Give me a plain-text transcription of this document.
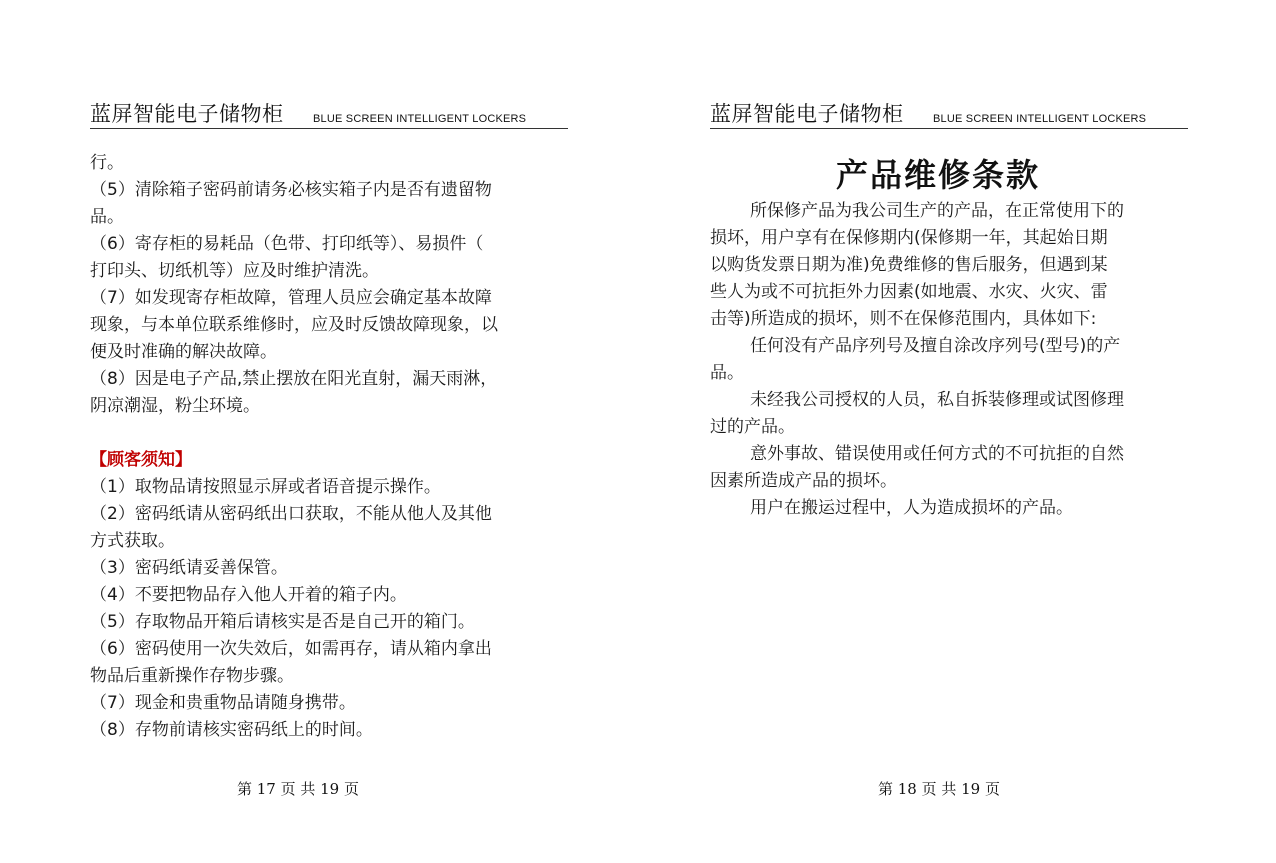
蓝屏智能电子储物柜	BLUE SCREEN INTELLIGENT LOCKERS
行。
（5）清除箱子密码前请务必核实箱子内是否有遗留物
品。
（6）寄存柜的易耗品（色带、打印纸等）、易损件（
打印头、切纸机等）应及时维护清洗。
（7）如发现寄存柜故障，管理人员应会确定基本故障
现象，与本单位联系维修时，应及时反馈故障现象，以
便及时准确的解决故障。
（8）因是电子产品,禁止摆放在阳光直射，漏天雨淋，
阴凉潮湿，粉尘环境。
【顾客须知】
（1）取物品请按照显示屏或者语音提示操作。
（2）密码纸请从密码纸出口获取，不能从他人及其他
方式获取。
（3）密码纸请妥善保管。
（4）不要把物品存入他人开着的箱子内。
（5）存取物品开箱后请核实是否是自己开的箱门。
（6）密码使用一次失效后，如需再存，请从箱内拿出
物品后重新操作存物步骤。
（7）现金和贵重物品请随身携带。
（8）存物前请核实密码纸上的时间。
第 17 页 共 19 页
蓝屏智能电子储物柜	BLUE SCREEN INTELLIGENT LOCKERS
产品维修条款
所保修产品为我公司生产的产品，在正常使用下的
损坏，用户享有在保修期内(保修期一年，其起始日期
以购货发票日期为准)免费维修的售后服务，但遇到某
些人为或不可抗拒外力因素(如地震、水灾、火灾、雷
击等)所造成的损坏，则不在保修范围内，具体如下:
任何没有产品序列号及擅自涂改序列号(型号)的产
品。
未经我公司授权的人员，私自拆装修理或试图修理
过的产品。
意外事故、错误使用或任何方式的不可抗拒的自然
因素所造成产品的损坏。
用户在搬运过程中，人为造成损坏的产品。
第 18 页 共 19 页
